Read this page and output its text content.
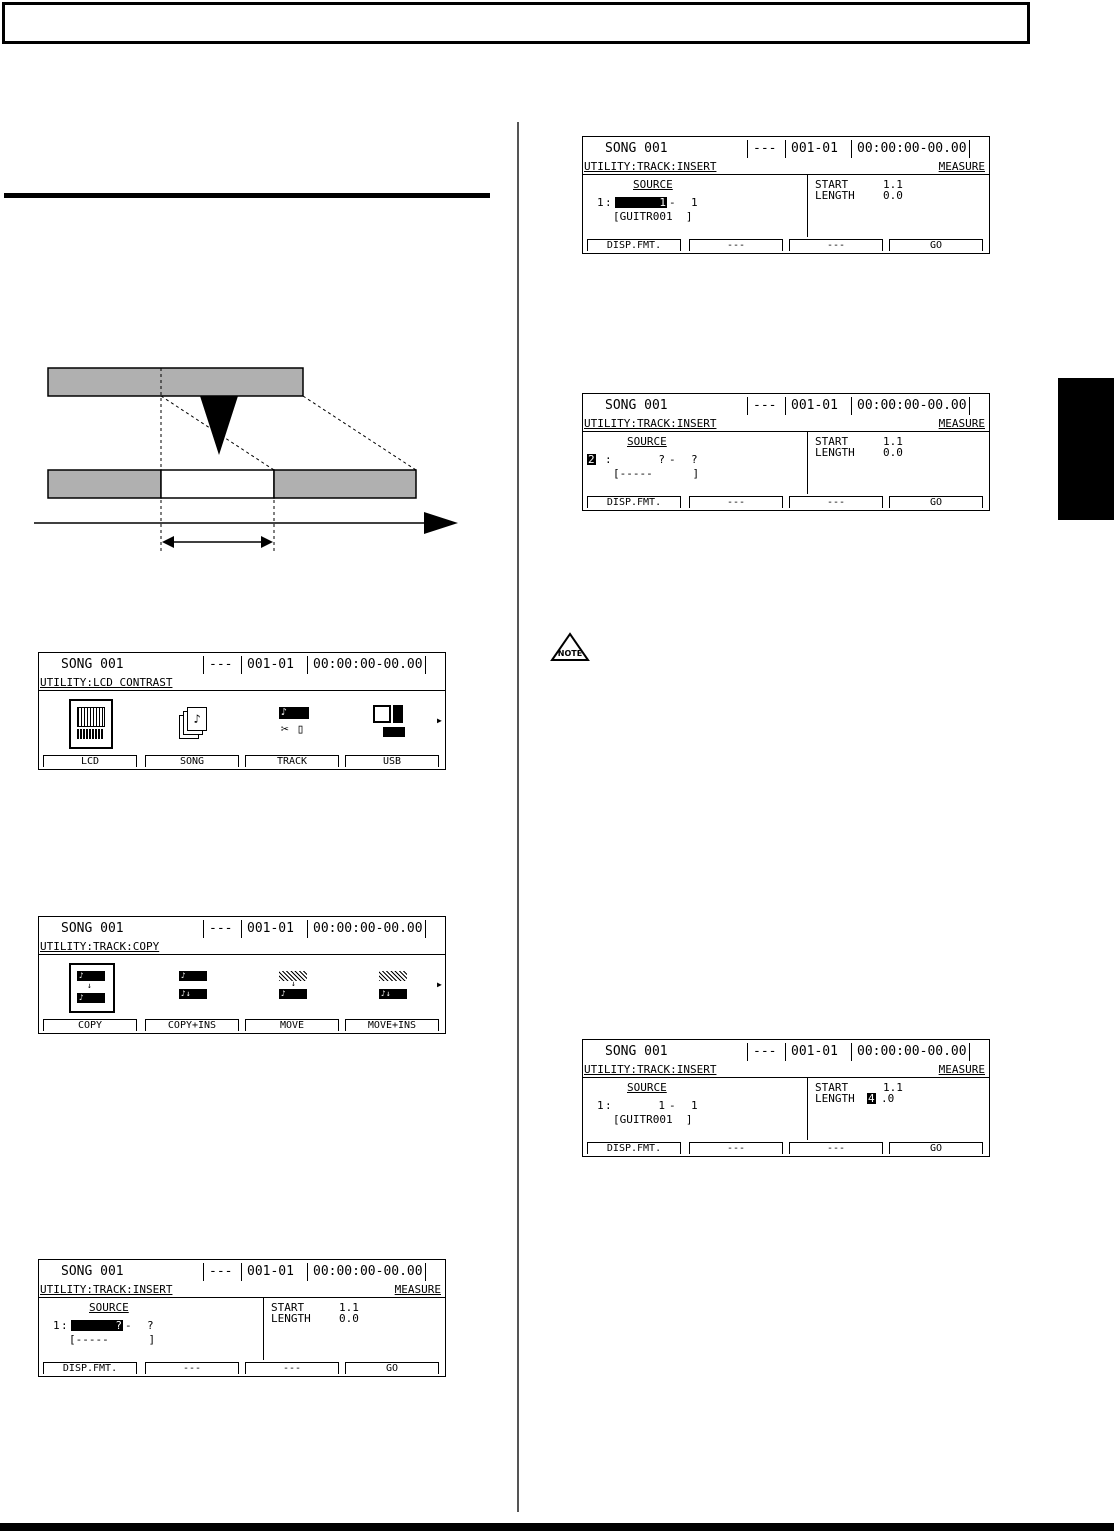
SONG 001	--- 001-01 00:00:00-00.00
UTILITY:LCD CONTRAST
♪	♪
✂ ▯
▶
LCD	SONG	TRACK	USB
SONG 001	--- 001-01 00:00:00-00.00
UTILITY:TRACK:COPY
♪
↓
♪
♪
♪↓
↓
♪	♪↓
▶
COPY	COPY+INS	MOVE	MOVE+INS
SONG 001	--- 001-01 00:00:00-00.00
UTILITY:TRACK:INSERT	MEASURE
SOURCE
1 :	? - ?
[-----      ]
START	1.1
LENGTH	0.0
DISP.FMT.	---	---	GO
SONG 001	--- 001-01 00:00:00-00.00
UTILITY:TRACK:INSERT	MEASURE
SOURCE
1 :	1 - 1
[GUITR001  ]
START	1.1
LENGTH	0.0
DISP.FMT.	---	---	GO
SONG 001	--- 001-01 00:00:00-00.00
UTILITY:TRACK:INSERT	MEASURE
SOURCE
2 :	? - ?
[-----      ]
START	1.1
LENGTH	0.0
DISP.FMT.	---	---	GO
NOTE
SONG 001	--- 001-01 00:00:00-00.00
UTILITY:TRACK:INSERT	MEASURE
SOURCE
1 :	1 - 1
[GUITR001  ]
START	1.1
LENGTH 4 .0
DISP.FMT.	---	---	GO
